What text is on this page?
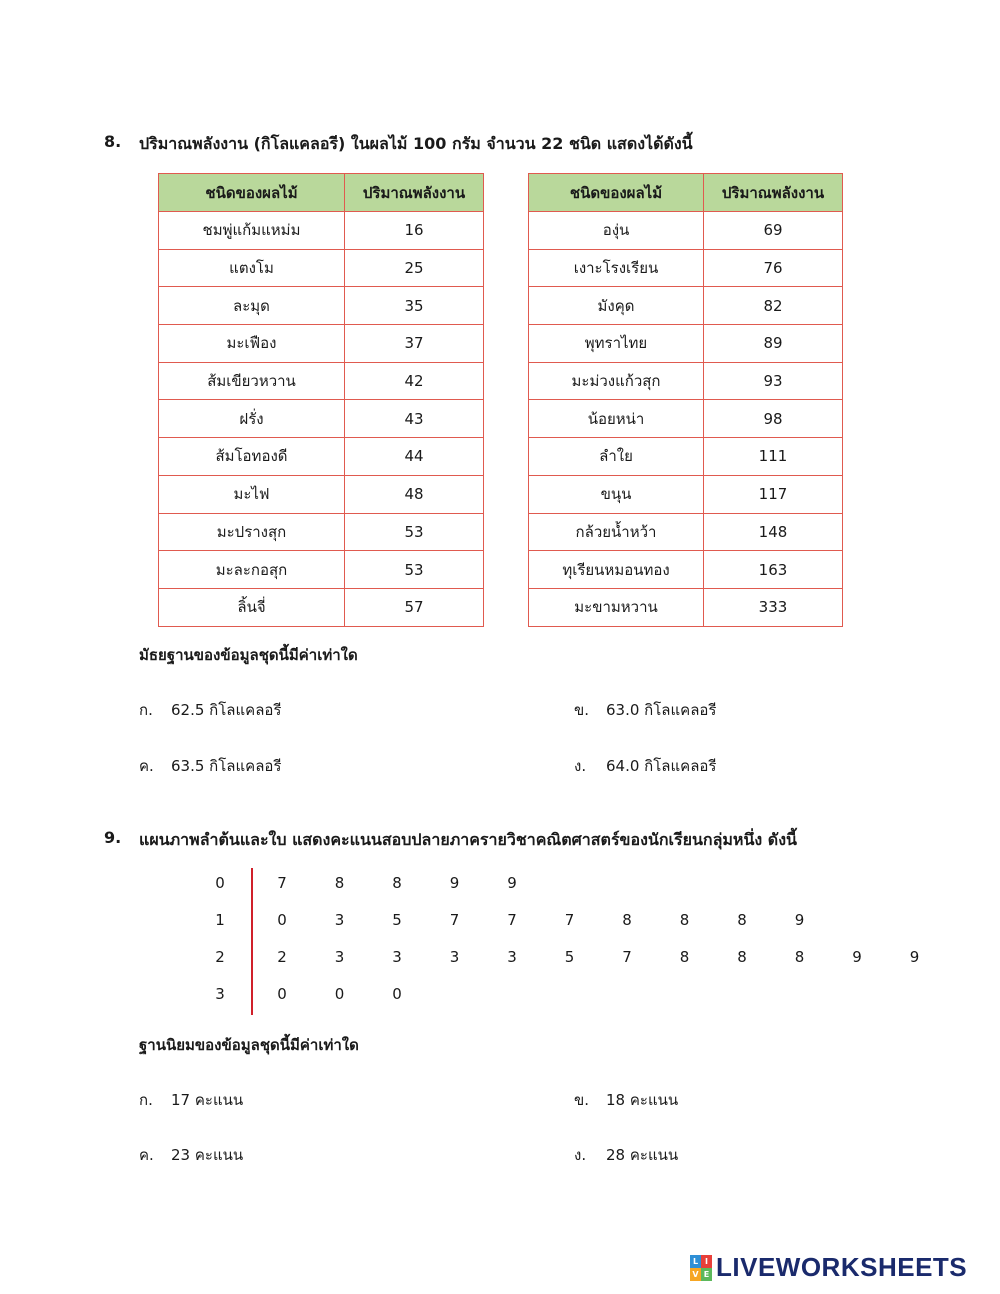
8. ปริมาณพลังงาน (กิโลแคลอรี) ในผลไม้ 100 กรัม จำนวน 22 ชนิด แสดงได้ดังนี้
ชนิดของผลไม้	ปริมาณพลังงาน
ชมพู่แก้มแหม่ม	16
แตงโม	25
ละมุด	35
มะเฟือง	37
ส้มเขียวหวาน	42
ฝรั่ง	43
ส้มโอทองดี	44
มะไฟ	48
มะปรางสุก	53
มะละกอสุก	53
ลิ้นจี่	57
ชนิดของผลไม้	ปริมาณพลังงาน
องุ่น	69
เงาะโรงเรียน	76
มังคุด	82
พุทราไทย	89
มะม่วงแก้วสุก	93
น้อยหน่า	98
ลำใย	111
ขนุน	117
กล้วยน้ำหว้า	148
ทุเรียนหมอนทอง	163
มะขามหวาน	333
มัธยฐานของข้อมูลชุดนี้มีค่าเท่าใด
ก. 62.5 กิโลแคลอรี	ข. 63.0 กิโลแคลอรี
ค. 63.5 กิโลแคลอรี	ง. 64.0 กิโลแคลอรี
9. แผนภาพลำต้นและใบ แสดงคะแนนสอบปลายภาครายวิชาคณิตศาสตร์ของนักเรียนกลุ่มหนึ่ง ดังนี้
0	7	8	8	9	9
1	0	3	5	7	7	7	8	8	8	9
2	2	3	3	3	3	5	7	8	8	8	9	9
3	0	0	0
ฐานนิยมของข้อมูลชุดนี้มีค่าเท่าใด
ก. 17 คะแนน	ข. 18 คะแนน
ค. 23 คะแนน	ง. 28 คะแนน
L I
V E LIVEWORKSHEETS
